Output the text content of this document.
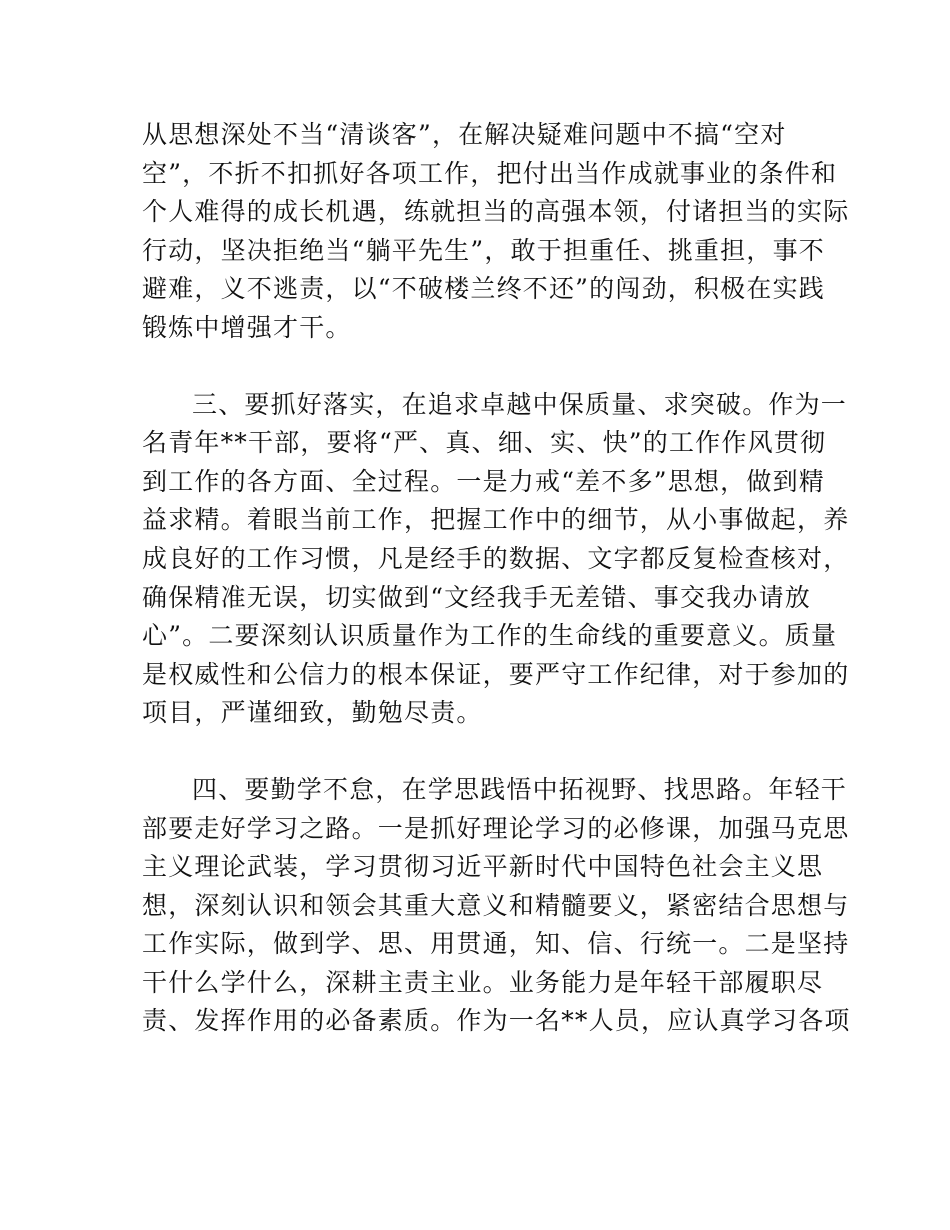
从思想深处不当“清谈客”，在解决疑难问题中不搞“空对
空”，不折不扣抓好各项工作，把付出当作成就事业的条件和
个人难得的成长机遇，练就担当的高强本领，付诸担当的实际
行动，坚决拒绝当“躺平先生”，敢于担重任、挑重担，事不
避难，义不逃责，以“不破楼兰终不还”的闯劲，积极在实践
锻炼中增强才干。
三、要抓好落实，在追求卓越中保质量、求突破。作为一
名青年**干部，要将“严、真、细、实、快”的工作作风贯彻
到工作的各方面、全过程。一是力戒“差不多”思想，做到精
益求精。着眼当前工作，把握工作中的细节，从小事做起，养
成良好的工作习惯，凡是经手的数据、文字都反复检查核对，
确保精准无误，切实做到“文经我手无差错、事交我办请放
心”。二要深刻认识质量作为工作的生命线的重要意义。质量
是权威性和公信力的根本保证，要严守工作纪律，对于参加的
项目，严谨细致，勤勉尽责。
四、要勤学不怠，在学思践悟中拓视野、找思路。年轻干
部要走好学习之路。一是抓好理论学习的必修课，加强马克思
主义理论武装，学习贯彻习近平新时代中国特色社会主义思
想，深刻认识和领会其重大意义和精髓要义，紧密结合思想与
工作实际，做到学、思、用贯通，知、信、行统一。二是坚持
干什么学什么，深耕主责主业。业务能力是年轻干部履职尽
责、发挥作用的必备素质。作为一名**人员，应认真学习各项
